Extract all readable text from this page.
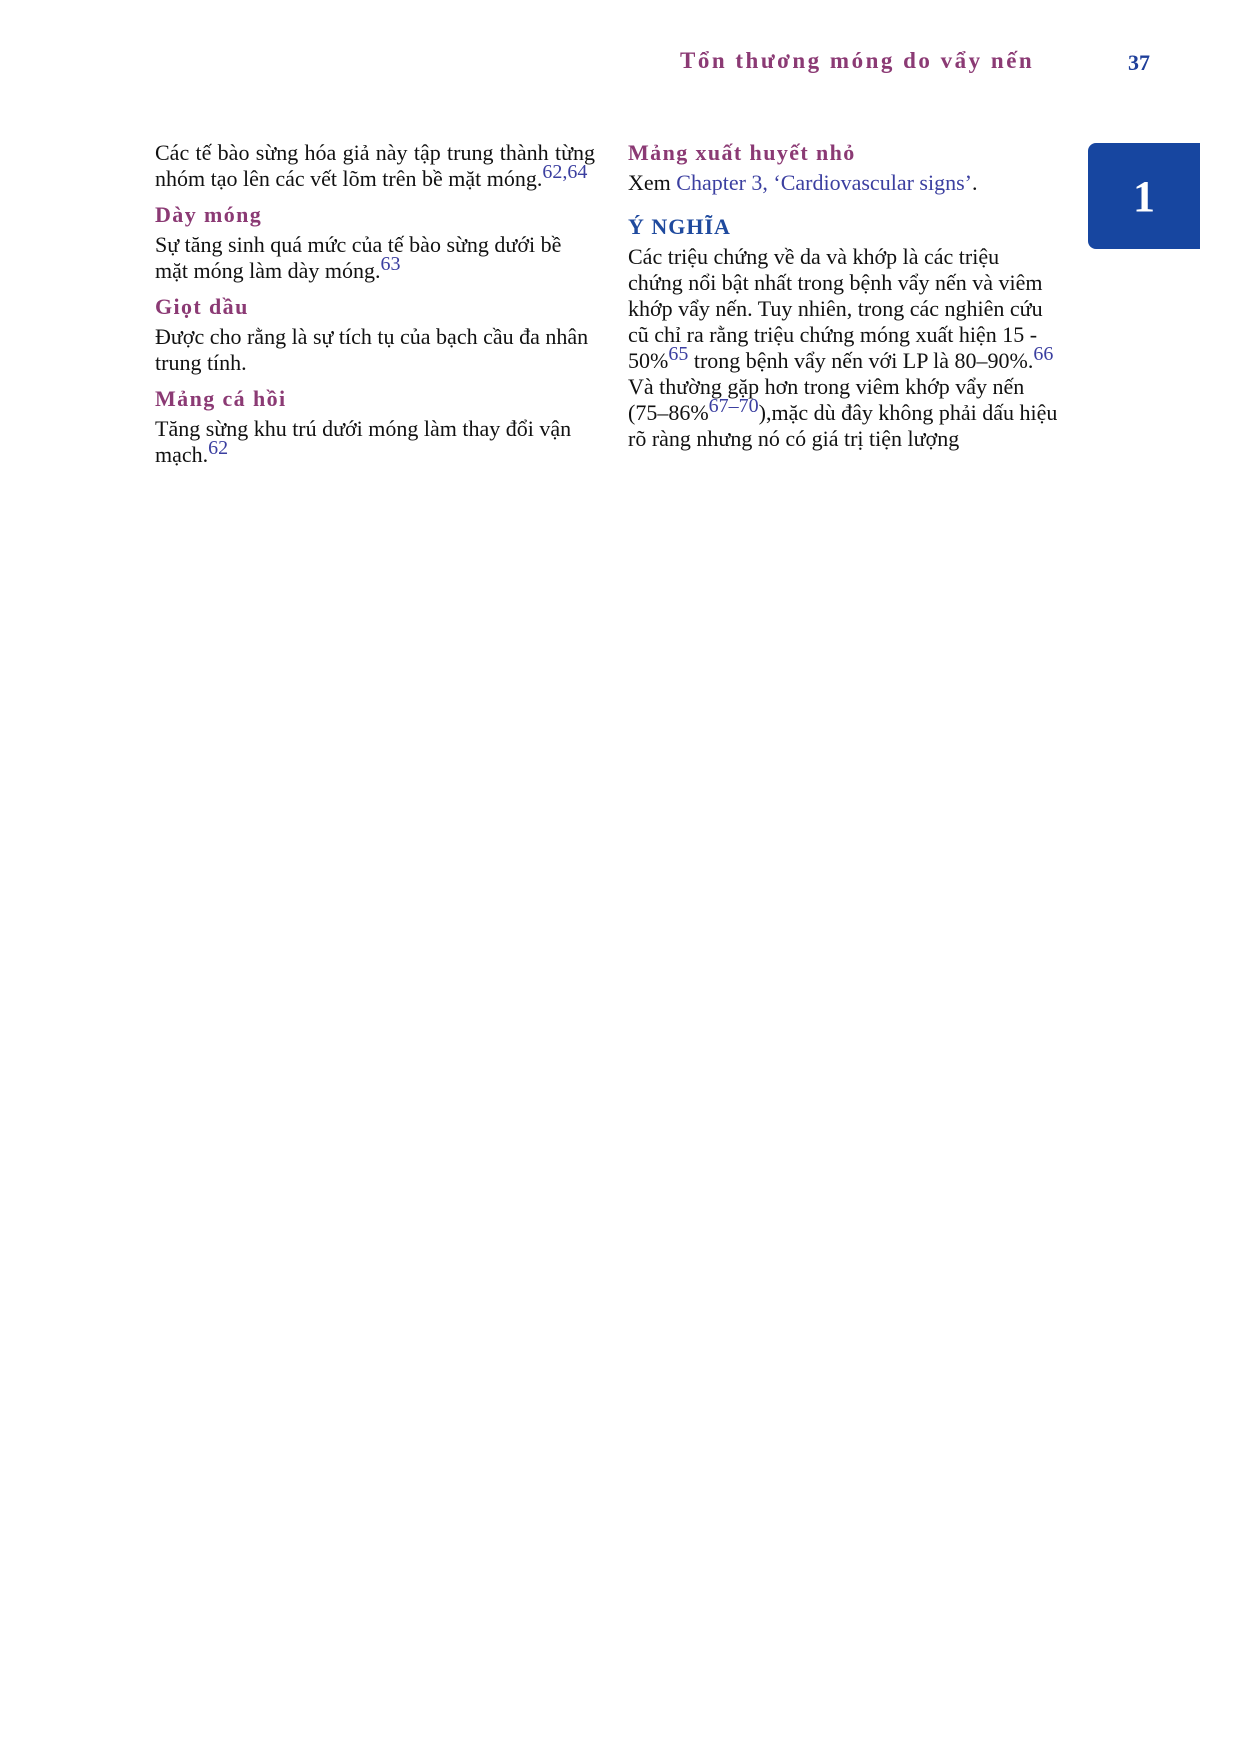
Tổn thương móng do vẩy nến	37
1

Các tế bào sừng hóa giả này tập trung thành từng nhóm tạo lên các vết lõm trên bề mặt móng.$^{62,64}$

Dày móng

Sự tăng sinh quá mức của tế bào sừng dưới bề mặt móng làm dày móng.$^{63}$

Giọt dầu

Được cho rằng là sự tích tụ của bạch cầu đa nhân trung tính.

Mảng cá hồi

Tăng sừng khu trú dưới móng làm thay đổi vận mạch.$^{62}$

Mảng xuất huyết nhỏ

Xem Chapter 3, ‘Cardiovascular signs’.

Ý NGHĨA

Các triệu chứng về da và khớp là các triệu chứng nổi bật nhất trong bệnh vẩy nến và viêm khớp vẩy nến. Tuy nhiên, trong các nghiên cứu cũ chỉ ra rằng triệu chứng móng xuất hiện 15 - 50%$^{65}$ trong bệnh vẩy nến với LP là 80–90%.$^{66}$ Và thường gặp hơn trong viêm khớp vẩy nến (75–86%$^{67-70}$),mặc dù đây không phải dấu hiệu rõ ràng nhưng nó có giá trị tiện lượng
